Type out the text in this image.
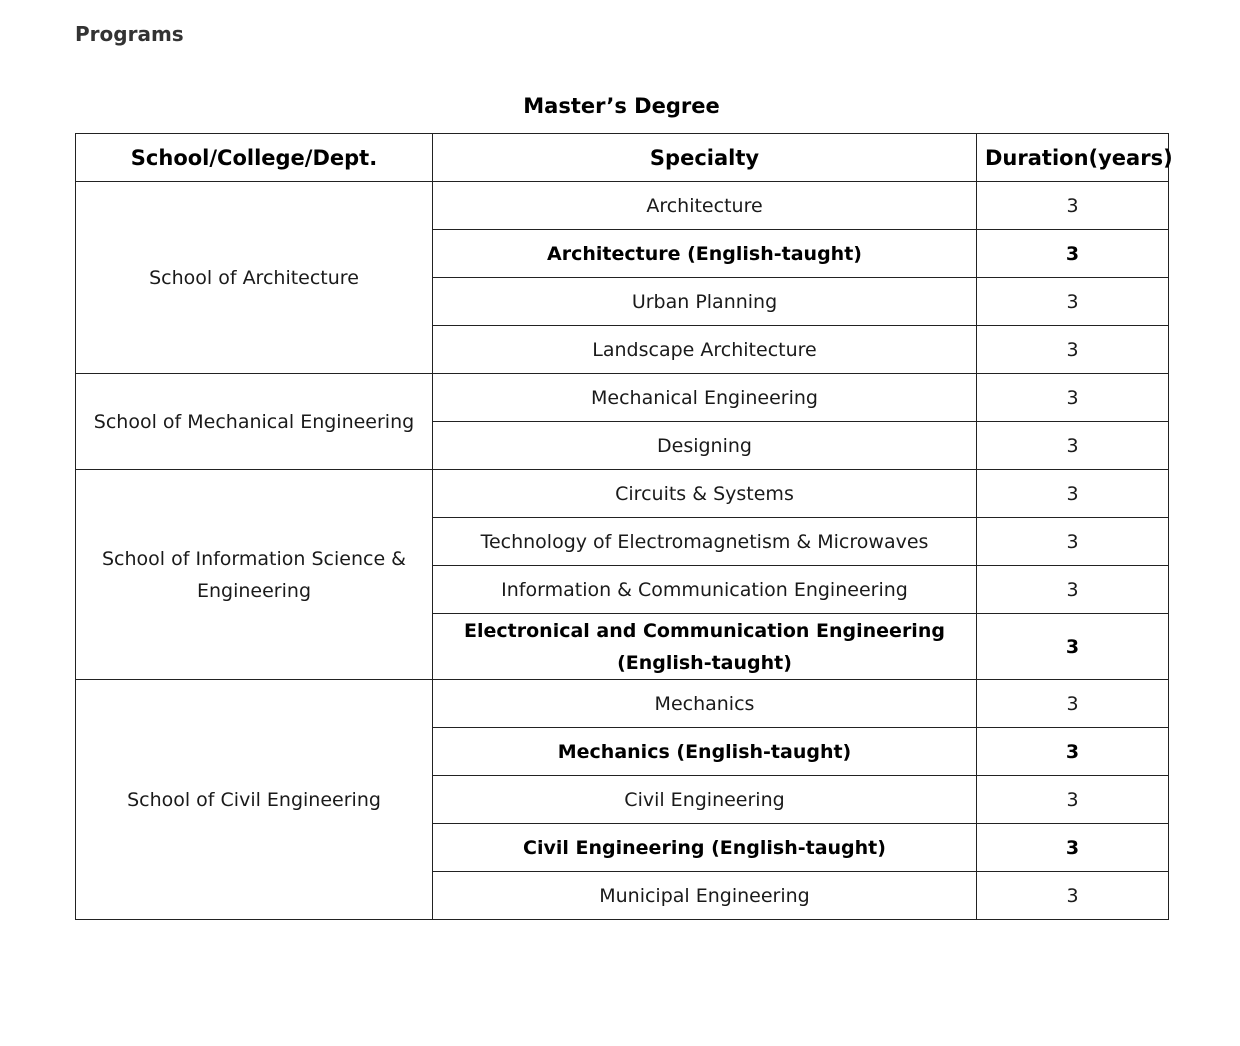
Programs
Master’s Degree
School/College/Dept.	Specialty	Duration(years)
School of Architecture	Architecture	3
	Architecture (English-taught)	3
	Urban Planning	3
	Landscape Architecture	3
School of Mechanical Engineering	Mechanical Engineering	3
	Designing	3
School of Information Science & Engineering	Circuits & Systems	3
	Technology of Electromagnetism & Microwaves	3
	Information & Communication Engineering	3
	Electronical and Communication Engineering (English-taught)	3
School of Civil Engineering	Mechanics	3
	Mechanics (English-taught)	3
	Civil Engineering	3
	Civil Engineering (English-taught)	3
	Municipal Engineering	3
